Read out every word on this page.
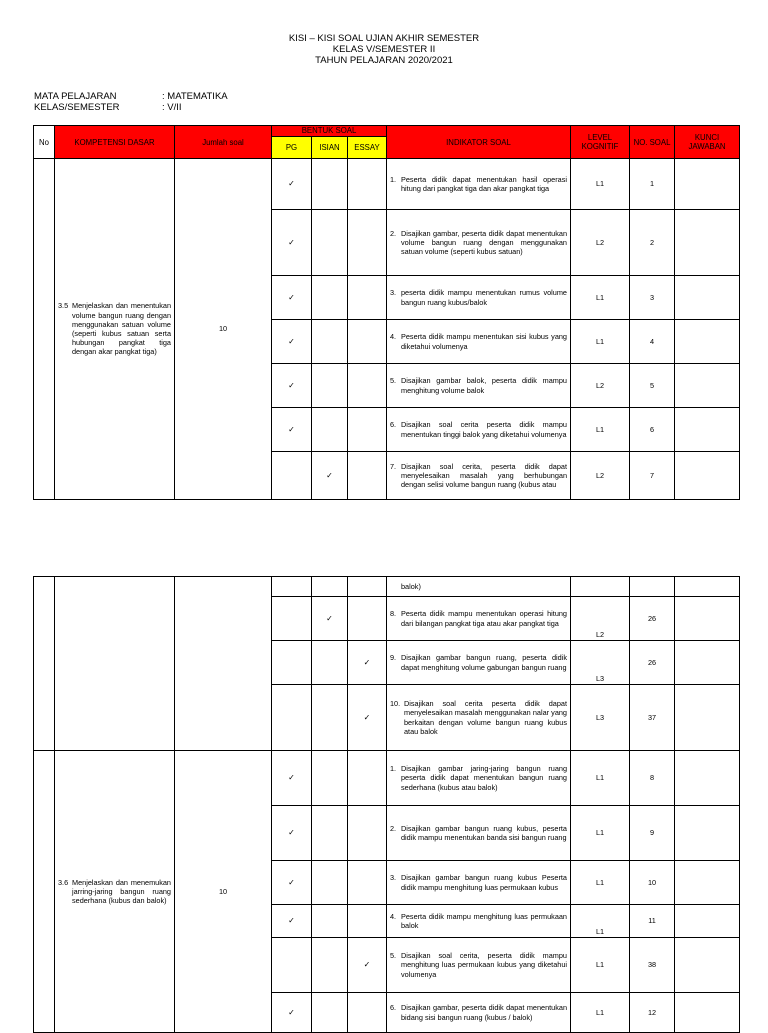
KISI – KISI SOAL UJIAN AKHIR SEMESTER
KELAS V/SEMESTER II
TAHUN PELAJARAN 2020/2021
MATA PELAJARAN	: MATEMATIKA
KELAS/SEMESTER	: V/II
No	KOMPETENSI DASAR	Jumlah soal	BENTUK SOAL			INDIKATOR SOAL	LEVEL KOGNITIF	NO. SOAL	KUNCI JAWABAN
			PG	ISIAN	ESSAY				

	3.5 Menjelaskan dan menentukan volume bangun ruang dengan menggunakan satuan volume (seperti kubus satuan serta hubungan pangkat tiga dengan akar pangkat tiga)	10	✓			1. Peserta didik dapat menentukan hasil operasi hitung dari pangkat tiga dan akar pangkat tiga	L1	1	
			✓			2. Disajikan gambar, peserta didik dapat menentukan volume bangun ruang dengan menggunakan satuan volume (seperti kubus satuan)	L2	2	
			✓			3. peserta didik mampu menentukan rumus volume bangun ruang kubus/balok	L1	3	
			✓			4. Peserta didik mampu menentukan sisi kubus yang diketahui volumenya	L1	4	
			✓			5. Disajikan gambar balok, peserta didik mampu menghitung volume balok	L2	5	
			✓			6. Disajikan soal cerita peserta didik mampu menentukan tinggi balok yang diketahui volumenya	L1	6	
				✓		7. Disajikan soal cerita, peserta didik dapat menyelesaikan masalah yang berhubungan dengan selisi volume bangun ruang (kubus atau	L2	7	

						balok)			

				✓		8. Peserta didik mampu menentukan operasi hitung dari bilangan pangkat tiga atau akar pangkat tiga	L2	26	
					✓	9. Disajikan gambar bangun ruang, peserta didik dapat menghitung volume gabungan bangun ruang	L3	26	
					✓	10. Disajikan soal cerita peserta didik dapat menyelesaikan masalah menggunakan nalar yang berkaitan dengan volume bangun ruang kubus atau balok	L3	37	

	3.6 Menjelaskan dan menemukan jarring-jaring bangun ruang sederhana (kubus dan balok)	10	✓			1. Disajikan gambar jaring-jaring bangun ruang peserta didik dapat menentukan bangun ruang sederhana (kubus atau balok)	L1	8	
			✓			2. Disajikan gambar bangun ruang kubus, peserta didik mampu menentukan banda sisi bangun ruang	L1	9	
			✓			3. Disajikan gambar bangun ruang kubus Peserta didik mampu menghitung luas permukaan kubus	L1	10	
			✓			4. Peserta didik mampu menghitung luas permukaan balok	L1	11	
					✓	5. Disajikan soal cerita, peserta didik mampu menghitung luas permukaan kubus yang diketahui volumenya	L1	38	
			✓			6. Disajikan gambar, peserta didik dapat menentukan bidang sisi bangun ruang (kubus / balok)	L1	12	
